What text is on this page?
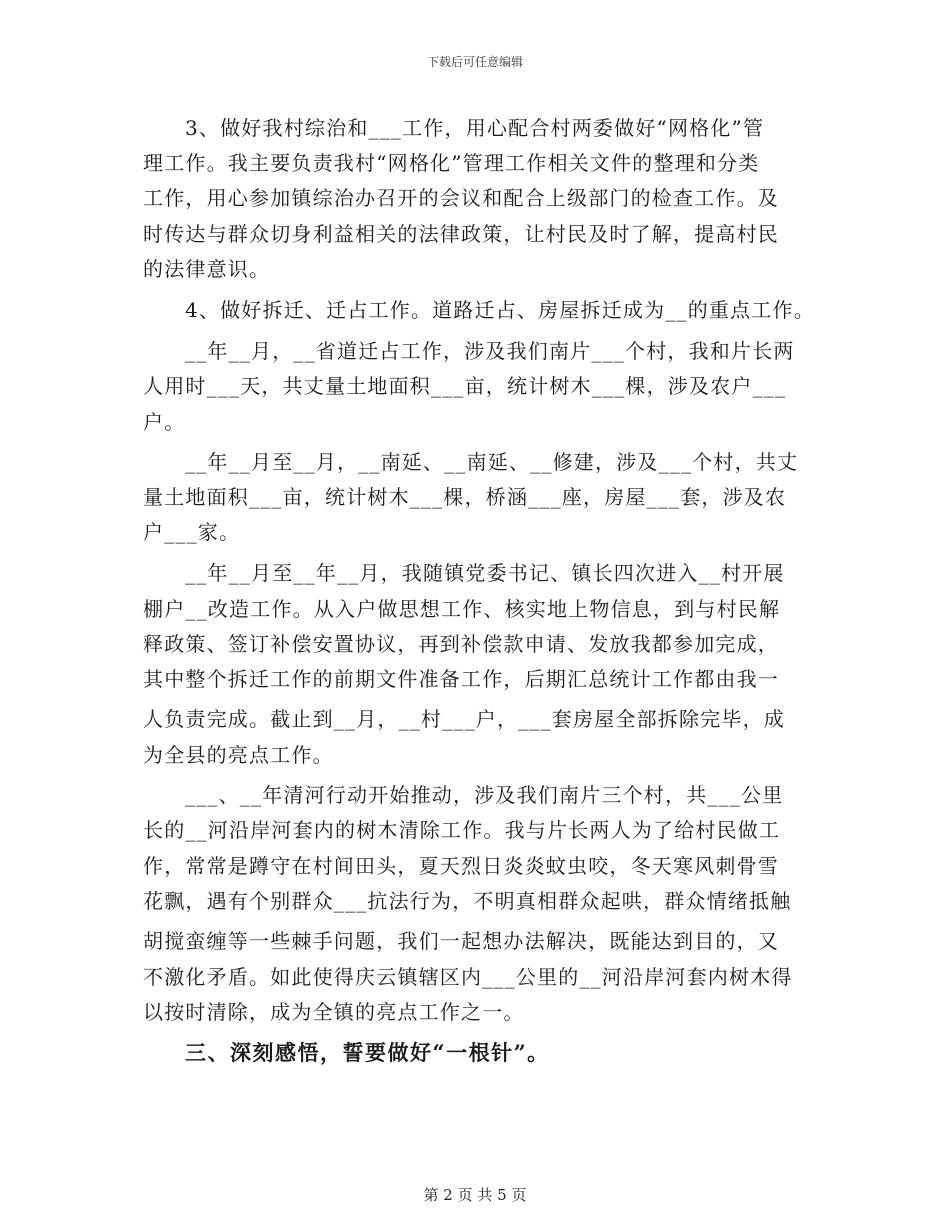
下载后可任意编辑
3、做好我村综治和___工作，用心配合村两委做好“网格化”管
理工作。我主要负责我村“网格化”管理工作相关文件的整理和分类
工作，用心参加镇综治办召开的会议和配合上级部门的检查工作。及
时传达与群众切身利益相关的法律政策，让村民及时了解，提高村民
的法律意识。
4、做好拆迁、迁占工作。道路迁占、房屋拆迁成为__的重点工作。
__年__月，__省道迁占工作，涉及我们南片___个村，我和片长两
人用时___天，共丈量土地面积___亩，统计树木___棵，涉及农户___
户。
__年__月至__月，__南延、__南延、__修建，涉及___个村，共丈
量土地面积___亩，统计树木___棵，桥涵___座，房屋___套，涉及农
户___家。
__年__月至__年__月，我随镇党委书记、镇长四次进入__村开展
棚户__改造工作。从入户做思想工作、核实地上物信息，到与村民解
释政策、签订补偿安置协议，再到补偿款申请、发放我都参加完成，
其中整个拆迁工作的前期文件准备工作，后期汇总统计工作都由我一
人负责完成。截止到__月，__村___户，___套房屋全部拆除完毕，成
为全县的亮点工作。
___、__年清河行动开始推动，涉及我们南片三个村，共___公里
长的__河沿岸河套内的树木清除工作。我与片长两人为了给村民做工
作，常常是蹲守在村间田头，夏天烈日炎炎蚊虫咬，冬天寒风刺骨雪
花飘，遇有个别群众___抗法行为，不明真相群众起哄，群众情绪抵触
胡搅蛮缠等一些棘手问题，我们一起想办法解决，既能达到目的，又
不激化矛盾。如此使得庆云镇辖区内___公里的__河沿岸河套内树木得
以按时清除，成为全镇的亮点工作之一。
三、深刻感悟，誓要做好“一根针”。
第 2 页 共 5 页
